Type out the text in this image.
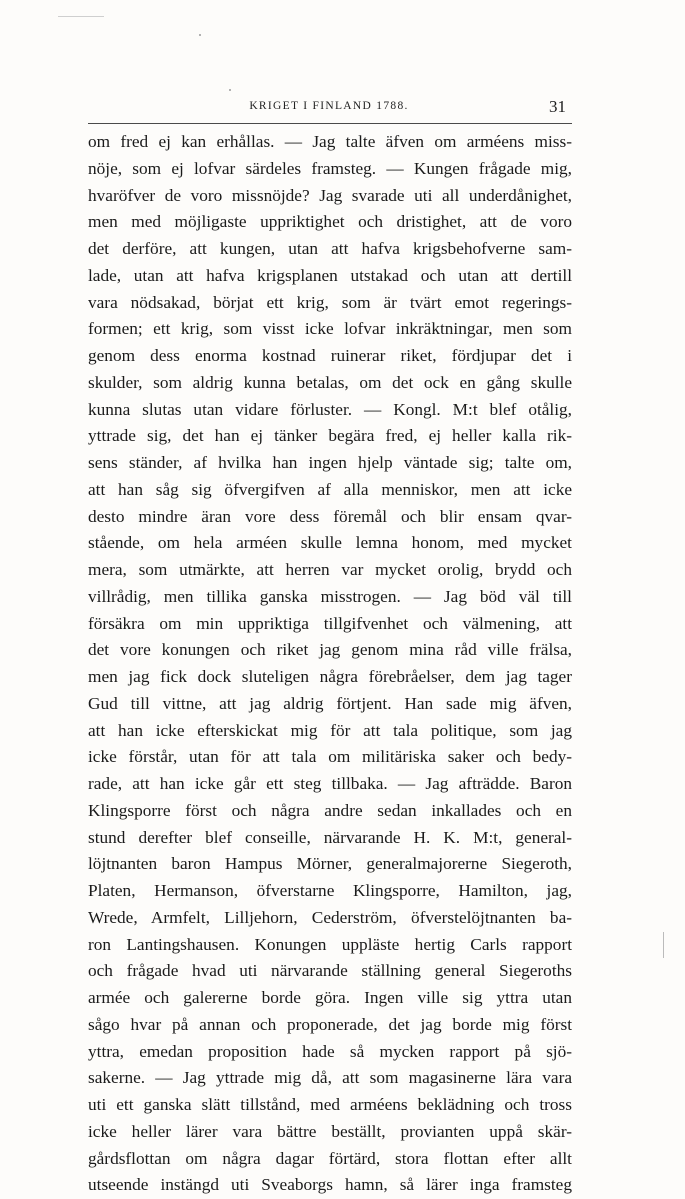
KRIGET I FINLAND 1788.	31
om fred ej kan erhållas. — Jag talte äfven om arméens miss-
nöje, som ej lofvar särdeles framsteg. — Kungen frågade mig,
hvaröfver de voro missnöjde? Jag svarade uti all underdånighet,
men med möjligaste uppriktighet och dristighet, att de voro
det derföre, att kungen, utan att hafva krigsbehofverne sam-
lade, utan att hafva krigsplanen utstakad och utan att dertill
vara nödsakad, börjat ett krig, som är tvärt emot regerings-
formen; ett krig, som visst icke lofvar inkräktningar, men som
genom dess enorma kostnad ruinerar riket, fördjupar det i
skulder, som aldrig kunna betalas, om det ock en gång skulle
kunna slutas utan vidare förluster. — Kongl. M:t blef otålig,
yttrade sig, det han ej tänker begära fred, ej heller kalla rik-
sens ständer, af hvilka han ingen hjelp väntade sig; talte om,
att han såg sig öfvergifven af alla menniskor, men att icke
desto mindre äran vore dess föremål och blir ensam qvar-
stående, om hela arméen skulle lemna honom, med mycket
mera, som utmärkte, att herren var mycket orolig, brydd och
villrådig, men tillika ganska misstrogen. — Jag böd väl till
försäkra om min uppriktiga tillgifvenhet och välmening, att
det vore konungen och riket jag genom mina råd ville frälsa,
men jag fick dock sluteligen några förebråelser, dem jag tager
Gud till vittne, att jag aldrig förtjent. Han sade mig äfven,
att han icke efterskickat mig för att tala politique, som jag
icke förstår, utan för att tala om militäriska saker och bedy-
rade, att han icke går ett steg tillbaka. — Jag afträdde. Baron
Klingsporre först och några andre sedan inkallades och en
stund derefter blef conseille, närvarande H. K. M:t, general-
löjtnanten baron Hampus Mörner, generalmajorerne Siegeroth,
Platen, Hermanson, öfverstarne Klingsporre, Hamilton, jag,
Wrede, Armfelt, Lilljehorn, Cederström, öfverstelöjtnanten ba-
ron Lantingshausen. Konungen uppläste hertig Carls rapport
och frågade hvad uti närvarande ställning general Siegeroths
armée och galererne borde göra. Ingen ville sig yttra utan
sågo hvar på annan och proponerade, det jag borde mig först
yttra, emedan proposition hade så mycken rapport på sjö-
sakerne. — Jag yttrade mig då, att som magasinerne lära vara
uti ett ganska slätt tillstånd, med arméens beklädning och tross
icke heller lärer vara bättre beställt, provianten uppå skär-
gårdsflottan om några dagar förtärd, stora flottan efter allt
utseende instängd uti Sveaborgs hamn, så lärer inga framsteg
